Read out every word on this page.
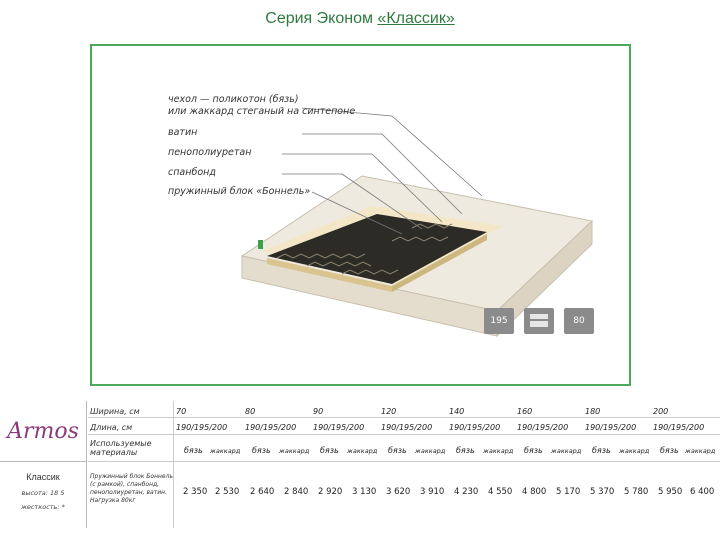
Серия Эконом «Классик»
чехол — поликотон (бязь)
или жаккард стеганый на синтепоне
ватин
пенополиуретан
спанбонд
пружинный блок «Боннель»
195	80
Armos
Классик
высота: 18 5
жесткость: *
Ширина, см
Длина, см
Используемые материалы
Пружинный блок Боннель (с рамкой), спанбонд, пенополиуретан, ватин. Нагрузка 80кг
70
190/195/200
бязь жаккард
2 350 2 530
80
190/195/200
бязь жаккард
2 640 2 840
90
190/195/200
бязь жаккард
2 920 3 130
120
190/195/200
бязь жаккард
3 620 3 910
140
190/195/200
бязь жаккард
4 230 4 550
160
190/195/200
бязь жаккард
4 800 5 170
180
190/195/200
бязь жаккард
5 370 5 780
200
190/195/200
бязь жаккард
5 950 6 400
